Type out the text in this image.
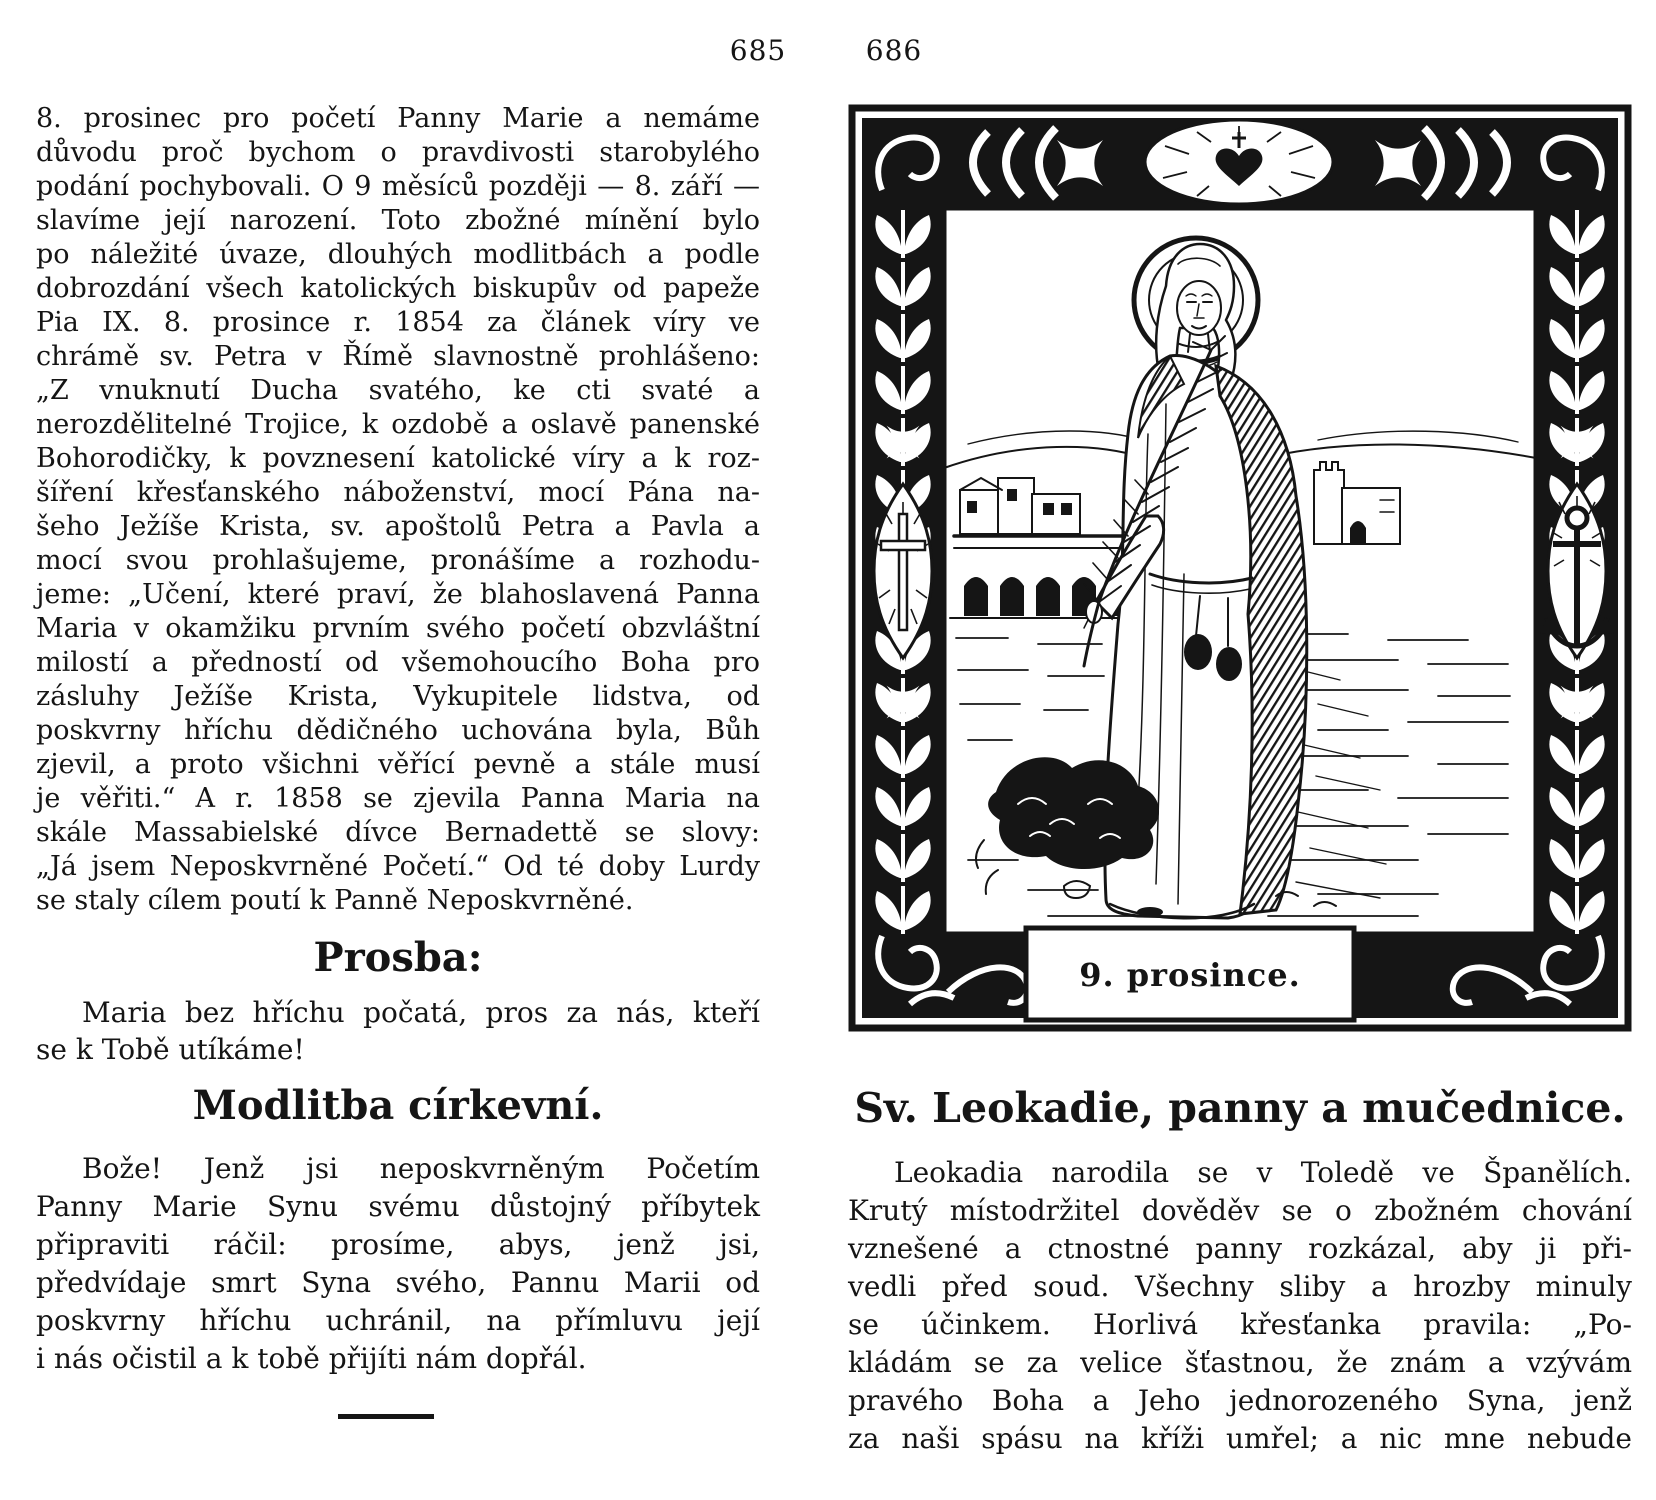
685	686
8. prosinec pro početí Panny Marie a nemáme
důvodu proč bychom o pravdivosti starobylého
podání pochybovali. O 9 měsíců později — 8. září —
slavíme její narození. Toto zbožné mínění bylo
po náležité úvaze, dlouhých modlitbách a podle
dobrozdání všech katolických biskupův od papeže
Pia IX. 8. prosince r. 1854 za článek víry ve
chrámě sv. Petra v Římě slavnostně prohlášeno:
„Z vnuknutí Ducha svatého, ke cti svaté a
nerozdělitelné Trojice, k ozdobě a oslavě panenské
Bohorodičky, k povznesení katolické víry a k roz-
šíření křesťanského náboženství, mocí Pána na-
šeho Ježíše Krista, sv. apoštolů Petra a Pavla a
mocí svou prohlašujeme, pronášíme a rozhodu-
jeme: „Učení, které praví, že blahoslavená Panna
Maria v okamžiku prvním svého početí obzvláštní
milostí a předností od všemohoucího Boha pro
zásluhy Ježíše Krista, Vykupitele lidstva, od
poskvrny hříchu dědičného uchována byla, Bůh
zjevil, a proto všichni věřící pevně a stále musí
je věřiti.“ A r. 1858 se zjevila Panna Maria na
skále Massabielské dívce Bernadettě se slovy:
„Já jsem Neposkvrněné Početí.“ Od té doby Lurdy
se staly cílem poutí k Panně Neposkvrněné.
Prosba:
Maria bez hříchu počatá, pros za nás, kteří
se k Tobě utíkáme!
Modlitba církevní.
Bože! Jenž jsi neposkvrněným Početím
Panny Marie Synu svému důstojný příbytek
připraviti ráčil: prosíme, abys, jenž jsi,
předvídaje smrt Syna svého, Pannu Marii od
poskvrny hříchu uchránil, na přímluvu její
i nás očistil a k tobě přijíti nám dopřál.
9. prosince.
Sv. Leokadie, panny a mučednice.
Leokadia narodila se v Toledě ve Španělích.
Krutý místodržitel dověděv se o zbožném chování
vznešené a ctnostné panny rozkázal, aby ji při-
vedli před soud. Všechny sliby a hrozby minuly
se účinkem. Horlivá křesťanka pravila: „Po-
kládám se za velice šťastnou, že znám a vzývám
pravého Boha a Jeho jednorozeného Syna, jenž
za naši spásu na kříži umřel; a nic mne nebude
